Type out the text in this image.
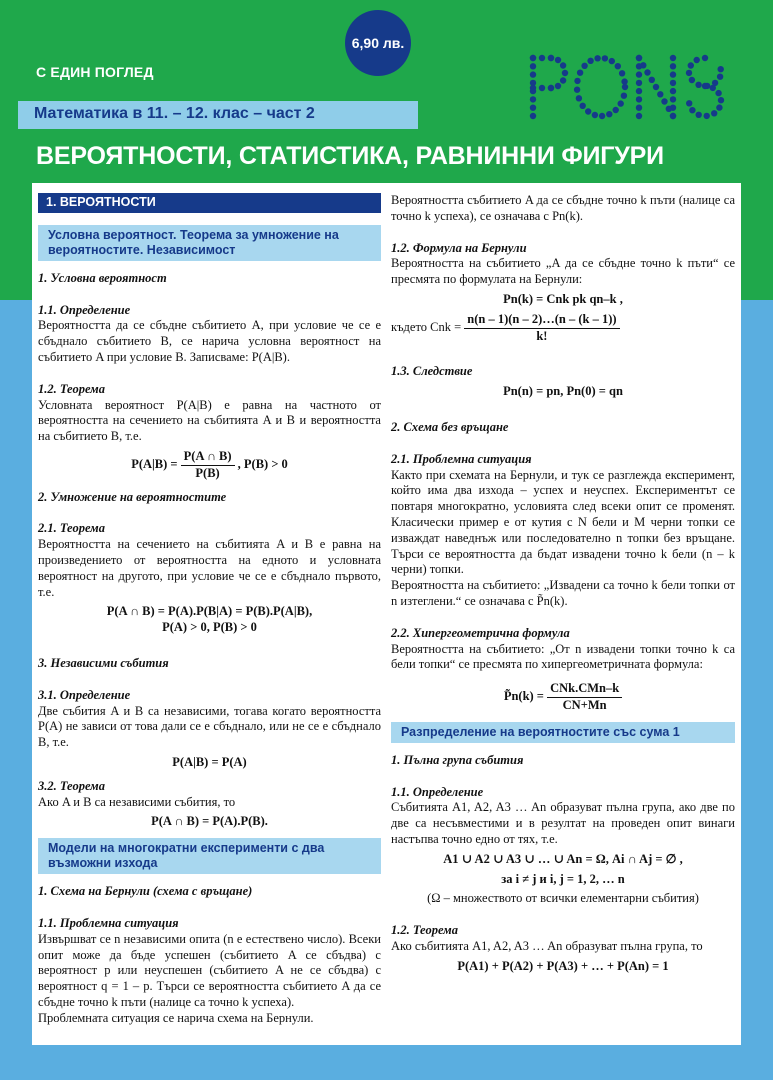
6,90 лв.
С ЕДИН ПОГЛЕД
Математика в 11. – 12. клас – част 2
ВЕРОЯТНОСТИ, СТАТИСТИКА, РАВНИННИ ФИГУРИ
1. ВЕРОЯТНОСТИ
Условна вероятност. Теорема за умножение на вероятностите. Независимост

1. Условна вероятност

1.1. Определение

Вероятността да се сбъдне събитието A, при условие че се е сбъднало събитието B, се нарича условна вероятност на събитието A при условие B. Записваме: P(A|B).

1.2. Теорема

Условната вероятност P(A|B) е равна на частното от вероятността на сечението на събитията A и B и вероятността на събитието B, т.е.

$P(A|B) = \frac{P(A \cap B)}{P(B)}$ , P(B) > 0

2. Умножение на вероятностите

2.1. Теорема

Вероятността на сечението на събитията A и B е равна на произведението от вероятността на едното и условната вероятност на другото, при условие че се е сбъднало първото, т.е.

P(A ∩ B) = P(A).P(B|A) = P(B).P(A|B),
P(A) > 0, P(B) > 0

3. Независими събития

3.1. Определение

Две събития A и B са независими, тогава когато вероятността P(A) не зависи от това дали се е сбъднало, или не се е сбъднало B, т.е.

P(A|B) = P(A)

3.2. Теорема

Ако A и B са независими събития, то

P(A ∩ B) = P(A).P(B).
Модели на многократни експерименти с два възможни изхода

1. Схема на Бернули (схема с връщане)

1.1. Проблемна ситуация

Извършват се n независими опита (n е естествено число). Всеки опит може да бъде успешен (събитието A се сбъдва) с вероятност p или неуспешен (събитието A не се сбъдва) с вероятност q = 1 – p. Търси се вероятността събитието A да се сбъдне точно k пъти (налице са точно k успеха).

Проблемната ситуация се нарича схема на Бернули.

Вероятността събитието A да се сбъдне точно k пъти (налице са точно k успеха), се означава с Pn(k).

1.2. Формула на Бернули

Вероятността на събитието „A да се сбъдне точно k пъти“ се пресмята по формулата на Бернули:

Pn(k) = Cnk pk qn–k ,
където Cnk = $\frac{n(n - 1)(n - 2)\dots(n - (k - 1))}{k!}$

1.3. Следствие

Pn(n) = pn, Pn(0) = qn

2. Схема без връщане

2.1. Проблемна ситуация

Както при схемата на Бернули, и тук се разглежда експеримент, който има два изхода – успех и неуспех. Експериментът се повтаря многократно, условията след всеки опит се променят. Класически пример е от кутия с N бели и M черни топки се изваждат наведнъж или последователно n топки без връщане. Търси се вероятността да бъдат извадени точно k бели (n – k черни) топки.

Вероятността на събитието: „Извадени са точно k бели топки от n изтеглени.“ се означава с P̃n(k).

2.2. Хипергеометрична формула

Вероятността на събитието: „От n извадени топки точно k са бели топки“ се пресмята по хипергеометричната формула:

P̃n(k) = $\frac{\text{CNk.CMn–k}}{CN+Mn}$
Разпределение на вероятностите със сума 1

1. Пълна група събития

1.1. Определение

Събитията A1, A2, A3 … An образуват пълна група, ако две по две са несъвместими и в резултат на проведен опит винаги настъпва точно едно от тях, т.е.

A1 ∪ A2 ∪ A3 ∪ … ∪ An = Ω, Ai ∩ Aj = ∅ ,
за i ≠ j и i, j = 1, 2, … n

(Ω – множеството от всички елементарни събития)

1.2. Теорема

Ако събитията A1, A2, A3 … An образуват пълна група, то

P(A1) + P(A2) + P(A3) + … + P(An) = 1
